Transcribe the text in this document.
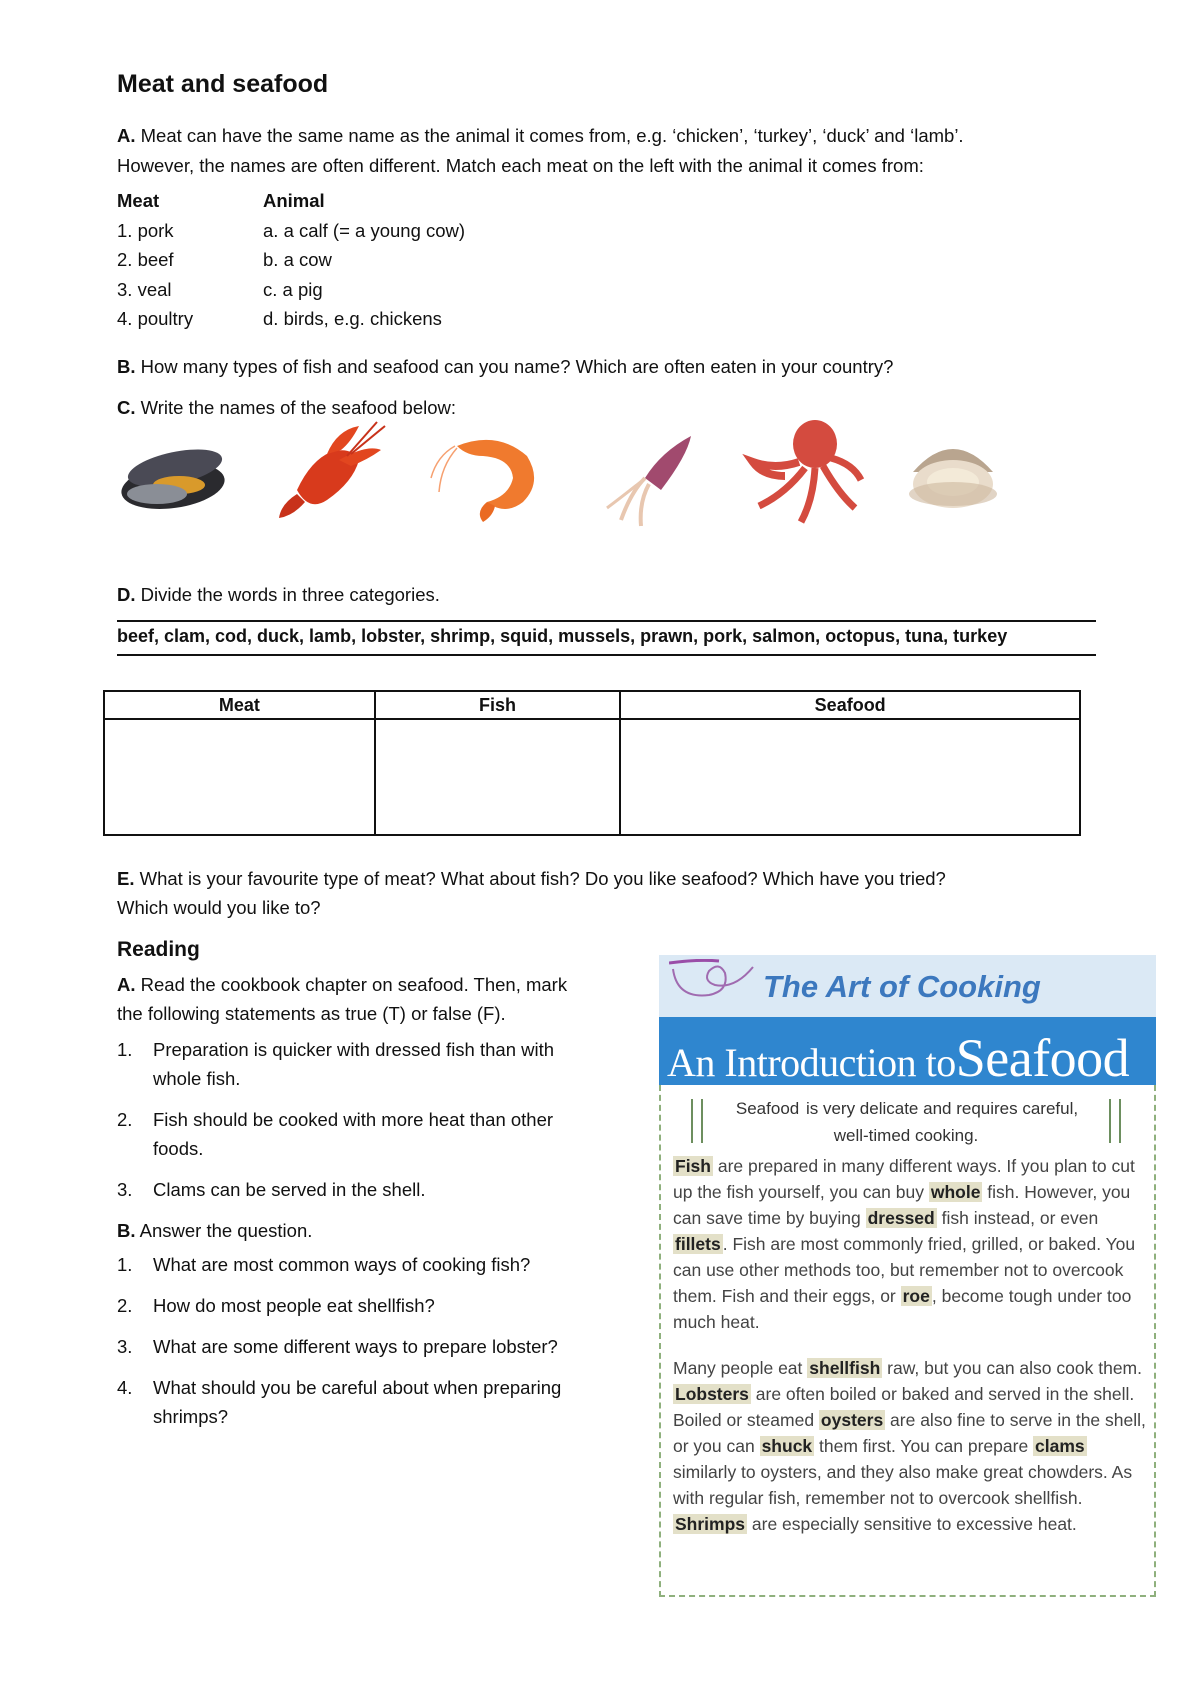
Meat and seafood

A. Meat can have the same name as the animal it comes from, e.g. ‘chicken’, ‘turkey’, ‘duck’ and ‘lamb’.

However, the names are often different. Match each meat on the left with the animal it comes from:

Meat	Animal
1. pork	a. a calf (= a young cow)
2. beef	b. a cow
3. veal	c. a pig
4. poultry	d. birds, e.g. chickens

B. How many types of fish and seafood can you name? Which are often eaten in your country?

C. Write the names of the seafood below:

D. Divide the words in three categories.

beef, clam, cod, duck, lamb, lobster, shrimp, squid, mussels, prawn, pork, salmon, octopus, tuna, turkey
Meat	Fish	Seafood

E. What is your favourite type of meat? What about fish? Do you like seafood? Which have you tried?

Which would you like to?

Reading

A. Read the cookbook chapter on seafood. Then, mark

the following statements as true (T) or false (F).

1.	Preparation is quicker with dressed fish than with
whole fish.
2.	Fish should be cooked with more heat than other
foods.
3.	Clams can be served in the shell.

B. Answer the question.

1.	What are most common ways of cooking fish?
2.	How do most people eat shellfish?
3.	What are some different ways to prepare lobster?
4.	What should you be careful about when preparing
shrimps?
The Art of Cooking
An Introduction toSeafood
Seafood is very delicate and requires careful,
well-timed cooking.
Fish are prepared in many different ways. If you plan to cut up the fish yourself, you can buy whole fish. However, you can save time by buying dressed fish instead, or even fillets . Fish are most commonly fried, grilled, or baked. You can use other methods too, but remember not to overcook them. Fish and their eggs, or roe , become tough under too much heat.
Many people eat shellfish raw, but you can also cook them. Lobsters are often boiled or baked and served in the shell. Boiled or steamed oysters are also fine to serve in the shell, or you can shuck them first. You can prepare clams similarly to oysters, and they also make great chowders. As with regular fish, remember not to overcook shellfish. Shrimps are especially sensitive to excessive heat.
